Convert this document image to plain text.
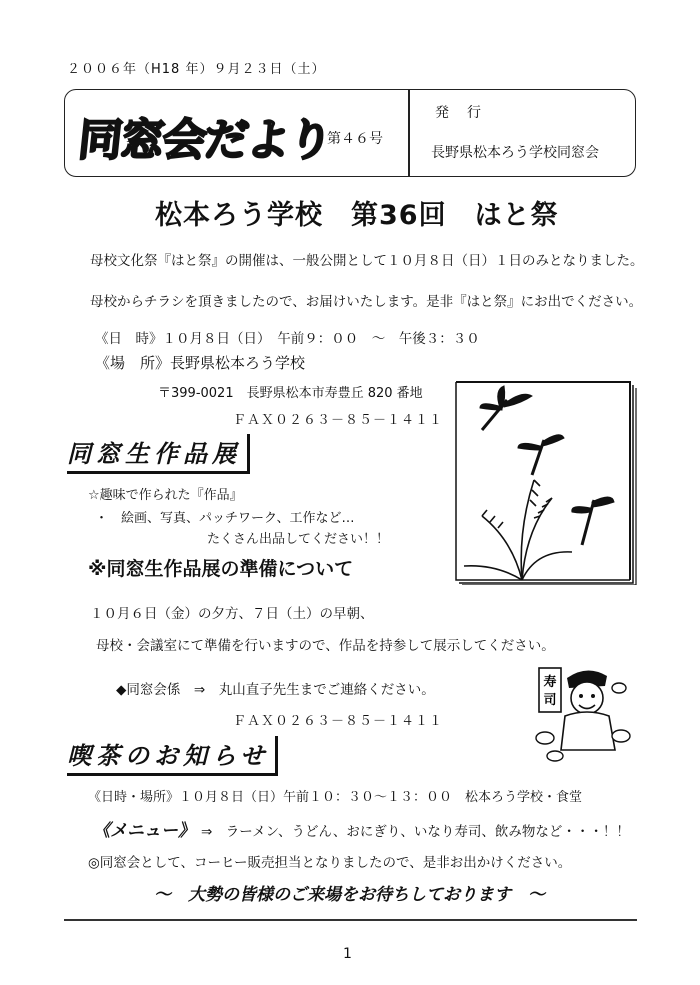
２００６年（H18 年）９月２３日（土）
同窓会だより
第４６号
発行
長野県松本ろう学校同窓会
松本ろう学校　第36回　はと祭
母校文化祭『はと祭』の開催は、一般公開として１０月８日（日）１日のみとなりました。
母校からチラシを頂きましたので、お届けいたします。是非『はと祭』にお出でください。
《日　時》１０月８日（日）　午前９：００　～　午後３：３０
《場　所》長野県松本ろう学校
〒399-0021　長野県松本市寿豊丘 820 番地
ＦＡＸ０２６３－８５－１４１１
同窓生作品展
☆趣味で作られた『作品』
・　絵画、写真、パッチワーク、工作など…
たくさん出品してください！！
※同窓生作品展の準備について
１０月６日（金）の夕方、７日（土）の早朝、
母校・会議室にて準備を行いますので、作品を持参して展示してください。
◆同窓会係　⇒　丸山直子先生までご連絡ください。
ＦＡＸ０２６３－８５－１４１１
喫茶のお知らせ
《日時・場所》１０月８日（日）午前１０：３０～１３：００　松本ろう学校・食堂
《メニュー》 ⇒　ラーメン、うどん、おにぎり、いなり寿司、飲み物など・・・！！
◎同窓会として、コーヒー販売担当となりましたので、是非お出かけください。
～　大勢の皆様のご来場をお待ちしております　～
寿
司
1
